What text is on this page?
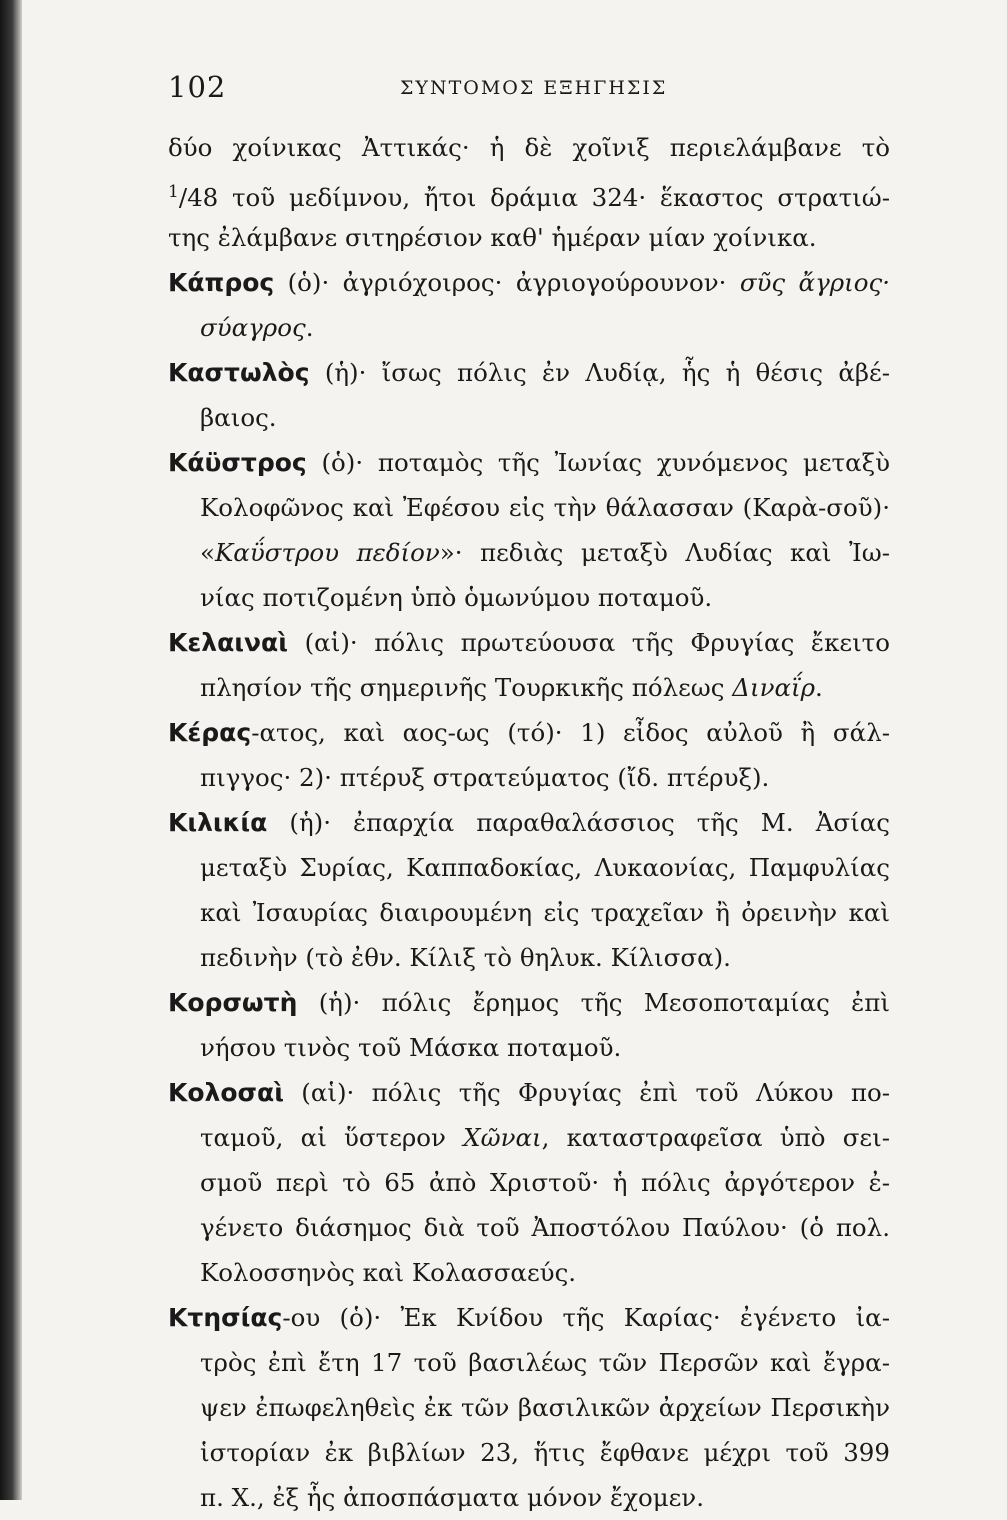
102	ΣΥΝΤΟΜΟΣ ΕΞΗΓΗΣΙΣ
δύο χοίνικας Ἀττικάς· ἡ δὲ χοῖνιξ περιελάμβανε τὸ
$^1$/48 τοῦ μεδίμνου, ἤτοι δράμια 324· ἕκαστος στρατιώ-
της ἐλάμβανε σιτηρέσιον καθ' ἡμέραν μίαν χοίνικα.
Κάπρος (ὁ)· ἀγριόχοιρος· ἀγριογούρουνον· σῦς ἄγριος·
σύαγρος.
Καστωλὸς (ἡ)· ἴσως πόλις ἐν Λυδίᾳ, ἧς ἡ θέσις ἀβέ-
βαιος.
Κάϋστρος (ὁ)· ποταμὸς τῆς Ἰωνίας χυνόμενος μεταξὺ
Κολοφῶνος καὶ Ἐφέσου εἰς τὴν θάλασσαν (Καρὰ-σοῦ)·
«Καΰστρου πεδίον»· πεδιὰς μεταξὺ Λυδίας καὶ Ἰω-
νίας ποτιζομένη ὑπὸ ὁμωνύμου ποταμοῦ.
Κελαιναὶ (αἱ)· πόλις πρωτεύουσα τῆς Φρυγίας ἔκειτο
πλησίον τῆς σημερινῆς Τουρκικῆς πόλεως Διναΐρ.
Κέρας-ατος, καὶ αος-ως (τό)· 1) εἶδος αὐλοῦ ἢ σάλ-
πιγγος· 2)· πτέρυξ στρατεύματος (ἴδ. πτέρυξ).
Κιλικία (ἡ)· ἐπαρχία παραθαλάσσιος τῆς Μ. Ἀσίας
μεταξὺ Συρίας, Καππαδοκίας, Λυκαονίας, Παμφυλίας
καὶ Ἰσαυρίας διαιρουμένη εἰς τραχεῖαν ἢ ὀρεινὴν καὶ
πεδινὴν (τὸ ἐθν. Κίλιξ τὸ θηλυκ. Κίλισσα).
Κορσωτὴ (ἡ)· πόλις ἔρημος τῆς Μεσοποταμίας ἐπὶ
νήσου τινὸς τοῦ Μάσκα ποταμοῦ.
Κολοσαὶ (αἱ)· πόλις τῆς Φρυγίας ἐπὶ τοῦ Λύκου πο-
ταμοῦ, αἱ ὕστερον Χῶναι, καταστραφεῖσα ὑπὸ σει-
σμοῦ περὶ τὸ 65 ἀπὸ Χριστοῦ· ἡ πόλις ἀργότερον ἐ-
γένετο διάσημος διὰ τοῦ Ἀποστόλου Παύλου· (ὁ πολ.
Κολοσσηνὸς καὶ Κολασσαεύς.
Κτησίας-ου (ὁ)· Ἐκ Κνίδου τῆς Καρίας· ἐγένετο ἰα-
τρὸς ἐπὶ ἔτη 17 τοῦ βασιλέως τῶν Περσῶν καὶ ἔγρα-
ψεν ἐπωφεληθεὶς ἐκ τῶν βασιλικῶν ἀρχείων Περσικὴν
ἱστορίαν ἐκ βιβλίων 23, ἥτις ἔφθανε μέχρι τοῦ 399
π. Χ., ἐξ ἧς ἀποσπάσματα μόνον ἔχομεν.
